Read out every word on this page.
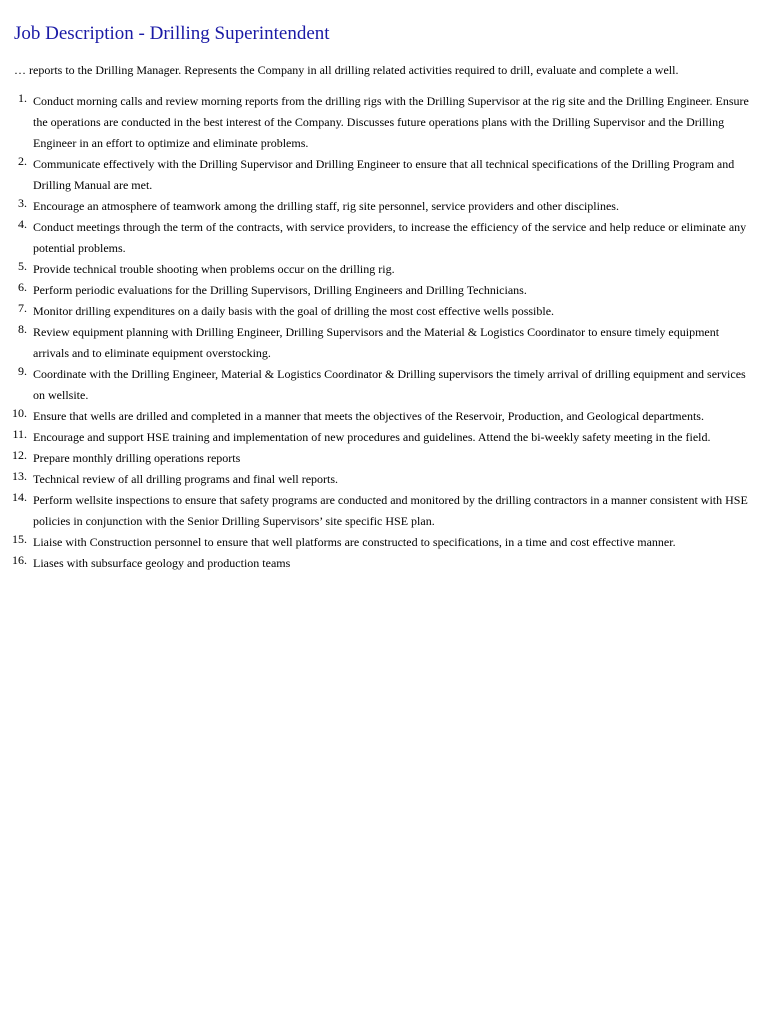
Job Description - Drilling Superintendent
… reports to the Drilling Manager. Represents the Company in all drilling related activities required to drill, evaluate and complete a well.
1. Conduct morning calls and review morning reports from the drilling rigs with the Drilling Supervisor at the rig site and the Drilling Engineer. Ensure the operations are conducted in the best interest of the Company. Discusses future operations plans with the Drilling Supervisor and the Drilling Engineer in an effort to optimize and eliminate problems.
2. Communicate effectively with the Drilling Supervisor and Drilling Engineer to ensure that all technical specifications of the Drilling Program and Drilling Manual are met.
3. Encourage an atmosphere of teamwork among the drilling staff, rig site personnel, service providers and other disciplines.
4. Conduct meetings through the term of the contracts, with service providers, to increase the efficiency of the service and help reduce or eliminate any potential problems.
5. Provide technical trouble shooting when problems occur on the drilling rig.
6. Perform periodic evaluations for the Drilling Supervisors, Drilling Engineers and Drilling Technicians.
7. Monitor drilling expenditures on a daily basis with the goal of drilling the most cost effective wells possible.
8. Review equipment planning with Drilling Engineer, Drilling Supervisors and the Material & Logistics Coordinator to ensure timely equipment arrivals and to eliminate equipment overstocking.
9. Coordinate with the Drilling Engineer, Material & Logistics Coordinator & Drilling supervisors the timely arrival of drilling equipment and services on wellsite.
10. Ensure that wells are drilled and completed in a manner that meets the objectives of the Reservoir, Production, and Geological departments.
11. Encourage and support HSE training and implementation of new procedures and guidelines. Attend the bi-weekly safety meeting in the field.
12. Prepare monthly drilling operations reports
13. Technical review of all drilling programs and final well reports.
14. Perform wellsite inspections to ensure that safety programs are conducted and monitored by the drilling contractors in a manner consistent with HSE policies in conjunction with the Senior Drilling Supervisors’ site specific HSE plan.
15. Liaise with Construction personnel to ensure that well platforms are constructed to specifications, in a time and cost effective manner.
16. Liases with subsurface geology and production teams
